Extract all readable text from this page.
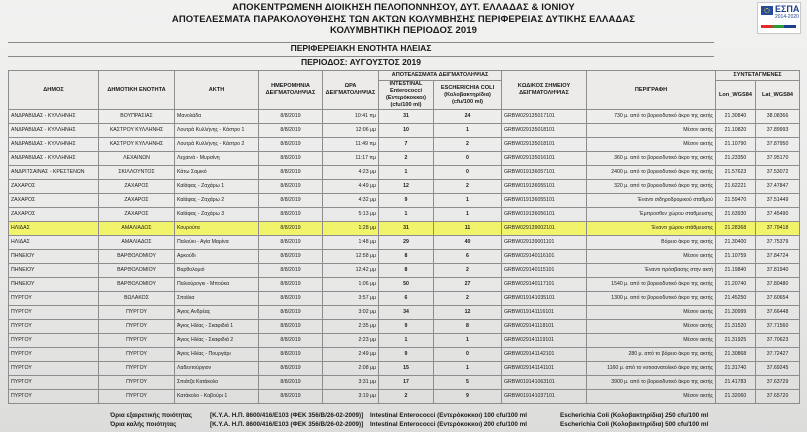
ΑΠΟΚΕΝΤΡΩΜΕΝΗ ΔΙΟΙΚΗΣΗ ΠΕΛΟΠΟΝΝΗΣΟΥ, ΔΥΤ. ΕΛΛΑΔΑΣ & ΙΟΝΙΟΥ
ΑΠΟΤΕΛΕΣΜΑΤΑ ΠΑΡΑΚΟΛΟΥΘΗΣΗΣ ΤΩΝ ΑΚΤΩΝ ΚΟΛΥΜΒΗΣΗΣ ΠΕΡΙΦΕΡΕΙΑΣ ΔΥΤΙΚΗΣ ΕΛΛΑΔΑΣ
ΚΟΛΥΜΒΗΤΙΚΗ ΠΕΡΙΟΔΟΣ 2019
ΕΣΠΑ
2014-2020
ΠΕΡΙΦΕΡΕΙΑΚΗ ΕΝΟΤΗΤΑ ΗΛΕΙΑΣ
ΠΕΡΙΟΔΟΣ: ΑΥΓΟΥΣΤΟΣ 2019
ΔΗΜΟΣ	ΔΗΜΟΤΙΚΗ ΕΝΟΤΗΤΑ	ΑΚΤΗ	ΗΜΕΡΟΜΗΝΙΑ ΔΕΙΓΜΑΤΟΛΗΨΙΑΣ	ΩΡΑ ΔΕΙΓΜΑΤΟΛΗΨΙΑΣ	ΑΠΟΤΕΛΕΣΜΑΤΑ ΔΕΙΓΜΑΤΟΛΗΨΙΑΣ		ΚΩΔΙΚΟΣ ΣΗΜΕΙΟΥ ΔΕΙΓΜΑΤΟΛΗΨΙΑΣ	ΠΕΡΙΓΡΑΦΗ	ΣΥΝΤΕΤΑΓΜΕΝΕΣ	
					INTESTINAL Enterococci (Εντερόκοκκοι) (cfu/100 ml)	ESCHERICHIA COLI (Κολοβακτηρίδια) (cfu/100 ml)			Lon_WGS84	Lat_WGS84
ΑΝΔΡΑΒΙΔΑΣ - ΚΥΛΛΗΝΗΣ	ΒΟΥΠΡΑΣΙΑΣ	Μανολάδα	8/8/2019	10:41 πμ	31	24	GRBW029135017101	730 μ. από το βορειοδυτικό άκρο της ακτής	21.30840	38.08366
ΑΝΔΡΑΒΙΔΑΣ - ΚΥΛΛΗΝΗΣ	ΚΑΣΤΡΟΥ ΚΥΛΛΗΝΗΣ	Λουτρά Κυλλήνης - Κάστρο 1	8/8/2019	12:06 μμ	10	1	GRBW029135018101	Μέσον ακτής	21.10820	37.89993
ΑΝΔΡΑΒΙΔΑΣ - ΚΥΛΛΗΝΗΣ	ΚΑΣΤΡΟΥ ΚΥΛΛΗΝΗΣ	Λουτρά Κυλλήνης - Κάστρο 2	8/8/2019	11:49 πμ	7	2	GRBW029135018101	Μέσον ακτής	21.10790	37.87950
ΑΝΔΡΑΒΙΔΑΣ - ΚΥΛΛΗΝΗΣ	ΛΕΧΑΙΝΩΝ	Λεχαινά - Μυρσίνη	8/8/2019	11:17 πμ	2	0	GRBW029135016101	360 μ. από το βορειοδυτικό άκρο της ακτής	21.23350	37.95170
ΑΝΔΡΙΤΣΑΙΝΑΣ - ΚΡΕΣΤΕΝΩΝ	ΣΚΙΛΛΟΥΝΤΟΣ	Κάτω Σαμικό	8/8/2019	4:23 μμ	1	0	GRBW019136057101	2400 μ. από το βορειοδυτικό άκρο της ακτής	21.57623	37.53072
ΖΑΧΑΡΟΣ	ΖΑΧΑΡΟΣ	Καϊάφας - Ζαχάρω 1	8/8/2019	4:49 μμ	12	2	GRBW019136055101	320 μ. από το βορειοδυτικό άκρο της ακτής	21.62221	37.47847
ΖΑΧΑΡΟΣ	ΖΑΧΑΡΟΣ	Καϊάφας - Ζαχάρω 2	8/8/2019	4:32 μμ	9	1	GRBW019136055101	Έναντι σιδηροδρομικού σταθμού	21.59470	37.51449
ΖΑΧΑΡΟΣ	ΖΑΧΑΡΟΣ	Καϊάφας - Ζαχάρω 3	8/8/2019	5:13 μμ	1	1	GRBW019136056101	Έμπροσθεν χώρου σταθμευσης	21.63930	37.45490
ΗΛΙΔΑΣ	ΑΜΑΛΙΑΔΟΣ	Κουρούτα	8/8/2019	1:28 μμ	31	11	GRBW029139002101	Έναντι χώρου στάθμευσης	21.28368	37.79418
ΗΛΙΔΑΣ	ΑΜΑΛΙΑΔΟΣ	Παλούκι - Αγία Μαρίνα	8/8/2019	1:48 μμ	29	40	GRBW029139001101	Βόρειο άκρο της ακτής	21.30400	37.75379
ΠΗΝΕΙΟΥ	ΒΑΡΘΟΛΟΜΙΟΥ	Αρκούδι	8/8/2019	12:58 μμ	8	6	GRBW029140116101	Μέσον ακτής	21.10759	37.84724
ΠΗΝΕΙΟΥ	ΒΑΡΘΟΛΟΜΙΟΥ	Βαρθολομιό	8/8/2019	12:42 μμ	8	2	GRBW029140115101	Έναντι πρόσβασης στην ακτή	21.19840	37.81940
ΠΗΝΕΙΟΥ	ΒΑΡΘΟΛΟΜΙΟΥ	Παλιούρογκι - Μπούκα	8/8/2019	1:06 μμ	50	27	GRBW029140117101	1540 μ. από το βορειοδυτικό άκρο της ακτής	21.20740	37.80480
ΠΥΡΓΟΥ	ΒΩΛΑΚΟΣ	Σπιάλια	8/8/2019	3:57 μμ	6	2	GRBW019141035101	1300 μ. από το βορειοδυτικό άκρο της ακτής	21.45250	37.60654
ΠΥΡΓΟΥ	ΠΥΡΓΟΥ	Άγιος Ανδρέας	8/8/2019	3:02 μμ	34	12	GRBW019141116101	Μέσον ακτής	21.30999	37.66448
ΠΥΡΓΟΥ	ΠΥΡΓΟΥ	Άγιος Ηλίας - Σκαφιδιά 1	8/8/2019	2:35 μμ	9	8	GRBW029141118101	Μέσον ακτής	21.31520	37.71560
ΠΥΡΓΟΥ	ΠΥΡΓΟΥ	Άγιος Ηλίας - Σκαφιδιά 2	8/8/2019	2:23 μμ	1	1	GRBW029141119101	Μέσον ακτής	21.31925	37.70623
ΠΥΡΓΟΥ	ΠΥΡΓΟΥ	Άγιος Ηλίας - Πουργάρι	8/8/2019	2:49 μμ	9	0	GRBW029141142101	280 μ. από το βόρειο άκρο της ακτής	21.30868	37.72427
ΠΥΡΓΟΥ	ΠΥΡΓΟΥ	Λαδεντούργιον	8/8/2019	2:08 μμ	15	1	GRBW029141141101	1160 μ. από το νοτιοανατολικό άκρο της ακτής	21.31740	37.69245
ΠΥΡΓΟΥ	ΠΥΡΓΟΥ	Σπιάτζα Κατάκολο	8/8/2019	3:31 μμ	17	5	GRBW019141063101	3900 μ. από το βορειοδυτικό άκρο της ακτής	21.41783	37.63729
ΠΥΡΓΟΥ	ΠΥΡΓΟΥ	Κατάκολο - Καβούρι 1	8/8/2019	3:19 μμ	2	9	GRBW019141037101	Μέσον ακτής	21.32060	37.65720
Όρια εξαιρετικής ποιότητας	[Κ.Υ.Α. Η.Π. 8600/416/Ε103 (ΦΕΚ 356/Β/26-02-2009)] Intestinal Enterococci (Εντερόκοκκοι) 100 cfu/100 ml	Escherichia Coli (Κολοβακτηρίδια) 250 cfu/100 ml
Όρια καλής ποιότητας	[Κ.Υ.Α. Η.Π. 8600/416/Ε103 (ΦΕΚ 356/Β/26-02-2009)] Intestinal Enterococci (Εντερόκοκκοι) 200 cfu/100 ml	Escherichia Coli (Κολοβακτηρίδια) 500 cfu/100 ml
